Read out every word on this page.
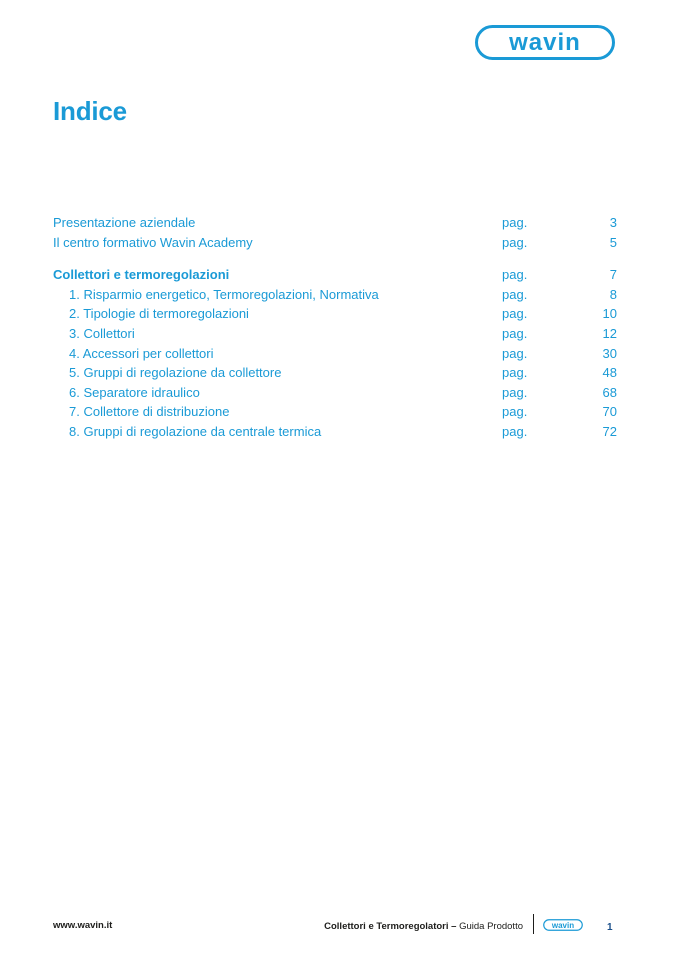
wavin
Indice
Presentazione aziendale	pag.	3
Il centro formativo Wavin Academy	pag.	5
Collettori e termoregolazioni	pag.	7
1. Risparmio energetico, Termoregolazioni, Normativa	pag.	8
2. Tipologie di termoregolazioni	pag.	10
3. Collettori	pag.	12
4. Accessori per collettori	pag.	30
5. Gruppi di regolazione da collettore	pag.	48
6. Separatore idraulico	pag.	68
7. Collettore di distribuzione	pag.	70
8. Gruppi di regolazione da centrale termica	pag.	72
www.wavin.it	Collettori e Termoregolatori – Guida Prodotto	wavin	1
